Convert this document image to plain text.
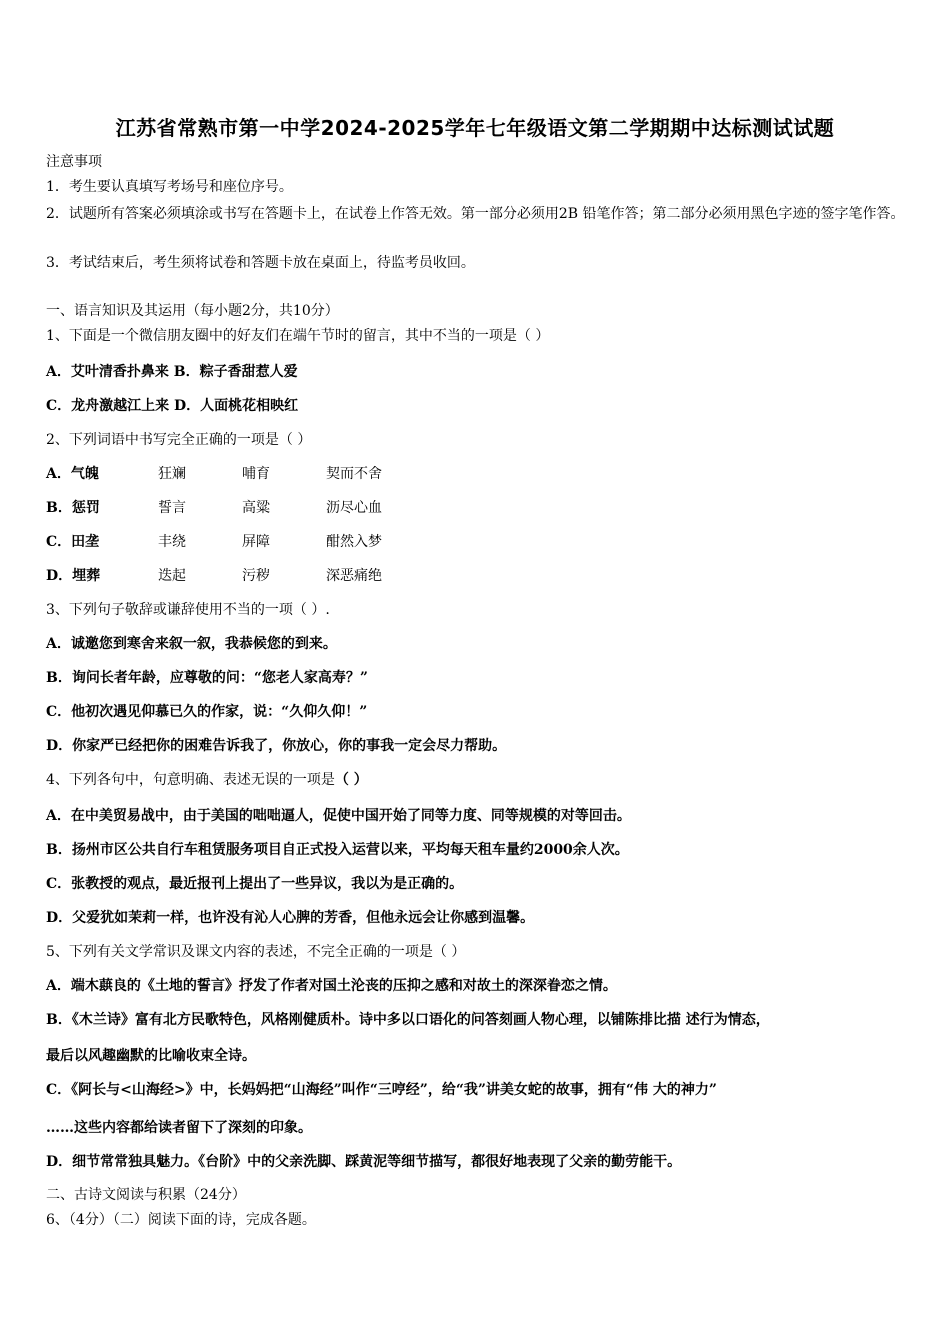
江苏省常熟市第一中学2024-2025学年七年级语文第二学期期中达标测试试题
注意事项
1．考生要认真填写考场号和座位序号。
2．试题所有答案必须填涂或书写在答题卡上，在试卷上作答无效。第一部分必须用2B 铅笔作答；第二部分必须用黑色字迹的签字笔作答。
3．考试结束后，考生须将试卷和答题卡放在桌面上，待监考员收回。
一、语言知识及其运用（每小题2分，共10分）
1、下面是一个微信朋友圈中的好友们在端午节时的留言，其中不当的一项是（ ）
A．艾叶清香扑鼻来 B．粽子香甜惹人爱
C．龙舟激越江上来 D．人面桃花相映红
2、下列词语中书写完全正确的一项是（ ）
A．气魄	狂斓	哺育	契而不舍
B．惩罚	誓言	高粱	沥尽心血
C．田垄	丰绕	屏障	酣然入梦
D．埋葬	迭起	污秽	深恶痛绝
3、下列句子敬辞或谦辞使用不当的一项（ ）.
A．诚邀您到寒舍来叙一叙，我恭候您的到来。
B．询问长者年龄，应尊敬的问：“您老人家高寿？”
C．他初次遇见仰慕已久的作家，说：“久仰久仰！”
D．你家严已经把你的困难告诉我了，你放心，你的事我一定会尽力帮助。
4、下列各句中，句意明确、表述无误的一项是（ ）
A．在中美贸易战中，由于美国的咄咄逼人，促使中国开始了同等力度、同等规模的对等回击。
B．扬州市区公共自行车租赁服务项目自正式投入运营以来，平均每天租车量约2000余人次。
C．张教授的观点，最近报刊上提出了一些异议，我以为是正确的。
D．父爱犹如茉莉一样，也许没有沁人心脾的芳香，但他永远会让你感到温馨。
5、下列有关文学常识及课文内容的表述，不完全正确的一项是（ ）
A．端木蕻良的《土地的誓言》抒发了作者对国土沦丧的压抑之感和对故土的深深眷恋之情。
B．《木兰诗》富有北方民歌特色，风格刚健质朴。诗中多以口语化的问答刻画人物心理，以铺陈排比描 述行为情态，
最后以风趣幽默的比喻收束全诗。
C．《阿长与<山海经>》中，长妈妈把“山海经”叫作“三哼经”，给“我”讲美女蛇的故事，拥有“伟 大的神力”
……这些内容都给读者留下了深刻的印象。
D．细节常常独具魅力。《台阶》中的父亲洗脚、踩黄泥等细节描写，都很好地表现了父亲的勤劳能干。
二、古诗文阅读与积累（24分）
6、（4分）（二）阅读下面的诗，完成各题。
